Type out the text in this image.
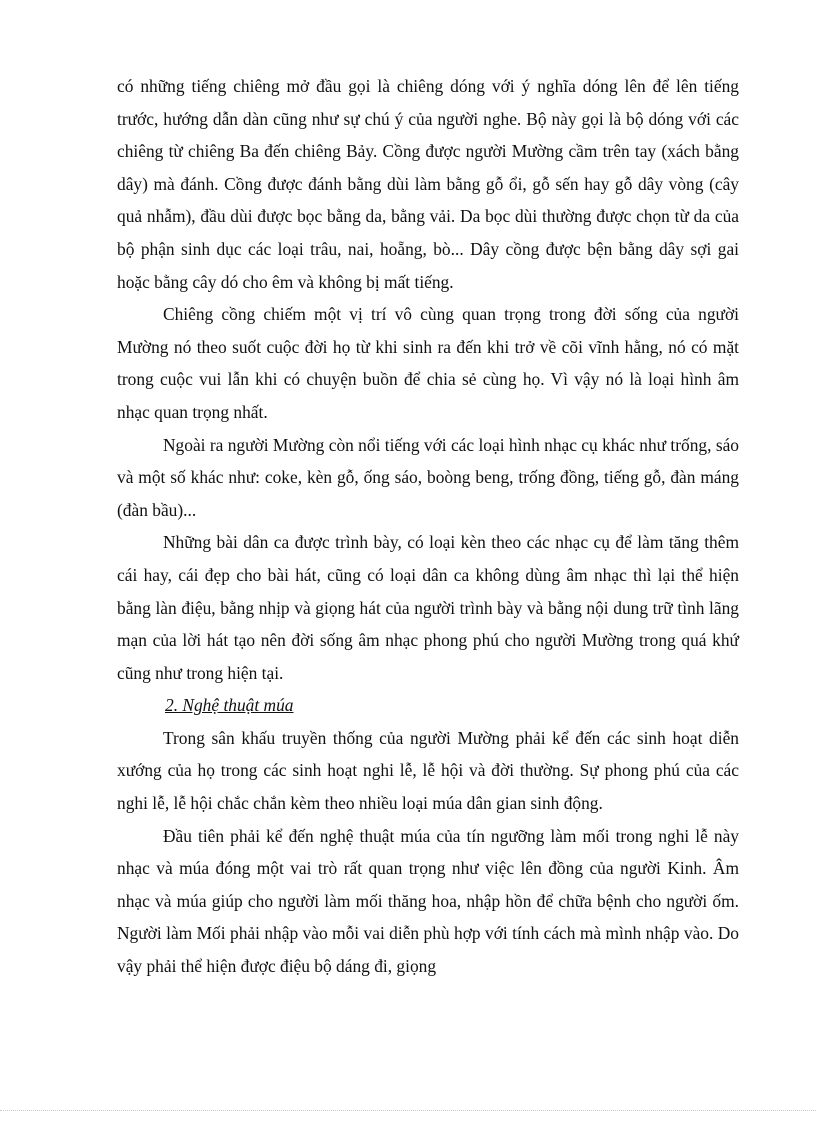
có những tiếng chiêng mở đầu gọi là chiêng dóng với ý nghĩa dóng lên để lên tiếng trước, hướng dẫn dàn cũng như sự chú ý của người nghe. Bộ này gọi là bộ dóng với các chiêng từ chiêng Ba đến chiêng Bảy. Cồng được người Mường cầm trên tay (xách bằng dây) mà đánh. Cồng được đánh bằng dùi làm bằng gỗ ổi, gỗ sến hay gỗ dây vòng (cây quả nhẫm), đầu dùi được bọc bằng da, bằng vải. Da bọc dùi thường được chọn từ da của bộ phận sinh dục các loại trâu, nai, hoẵng, bò... Dây cồng được bện bằng dây sợi gai hoặc bằng cây dó cho êm và không bị mất tiếng.

Chiêng cồng chiếm một vị trí vô cùng quan trọng trong đời sống của người Mường nó theo suốt cuộc đời họ từ khi sinh ra đến khi trở về cõi vĩnh hằng, nó có mặt trong cuộc vui lẫn khi có chuyện buồn để chia sẻ cùng họ. Vì vậy nó là loại hình âm nhạc quan trọng nhất.

Ngoài ra người Mường còn nổi tiếng với các loại hình nhạc cụ khác như trống, sáo và một số khác như: coke, kèn gỗ, ống sáo, boòng beng, trống đồng, tiếng gỗ, đàn máng (đàn bầu)...

Những bài dân ca được trình bày, có loại kèn theo các nhạc cụ để làm tăng thêm cái hay, cái đẹp cho bài hát, cũng có loại dân ca không dùng âm nhạc thì lại thể hiện bằng làn điệu, bằng nhịp và giọng hát của người trình bày và bằng nội dung trữ tình lãng mạn của lời hát tạo nên đời sống âm nhạc phong phú cho người Mường trong quá khứ cũng như trong hiện tại.

2. Nghệ thuật múa

Trong sân khấu truyền thống của người Mường phải kể đến các sinh hoạt diễn xướng của họ trong các sinh hoạt nghi lễ, lễ hội và đời thường. Sự phong phú của các nghi lễ, lễ hội chắc chắn kèm theo nhiều loại múa dân gian sinh động.

Đầu tiên phải kể đến nghệ thuật múa của tín ngưỡng làm mối trong nghi lễ này nhạc và múa đóng một vai trò rất quan trọng như việc lên đồng của người Kinh. Âm nhạc và múa giúp cho người làm mối thăng hoa, nhập hồn để chữa bệnh cho người ốm. Người làm Mối phải nhập vào mỗi vai diễn phù hợp với tính cách mà mình nhập vào. Do vậy phải thể hiện được điệu bộ dáng đi, giọng
